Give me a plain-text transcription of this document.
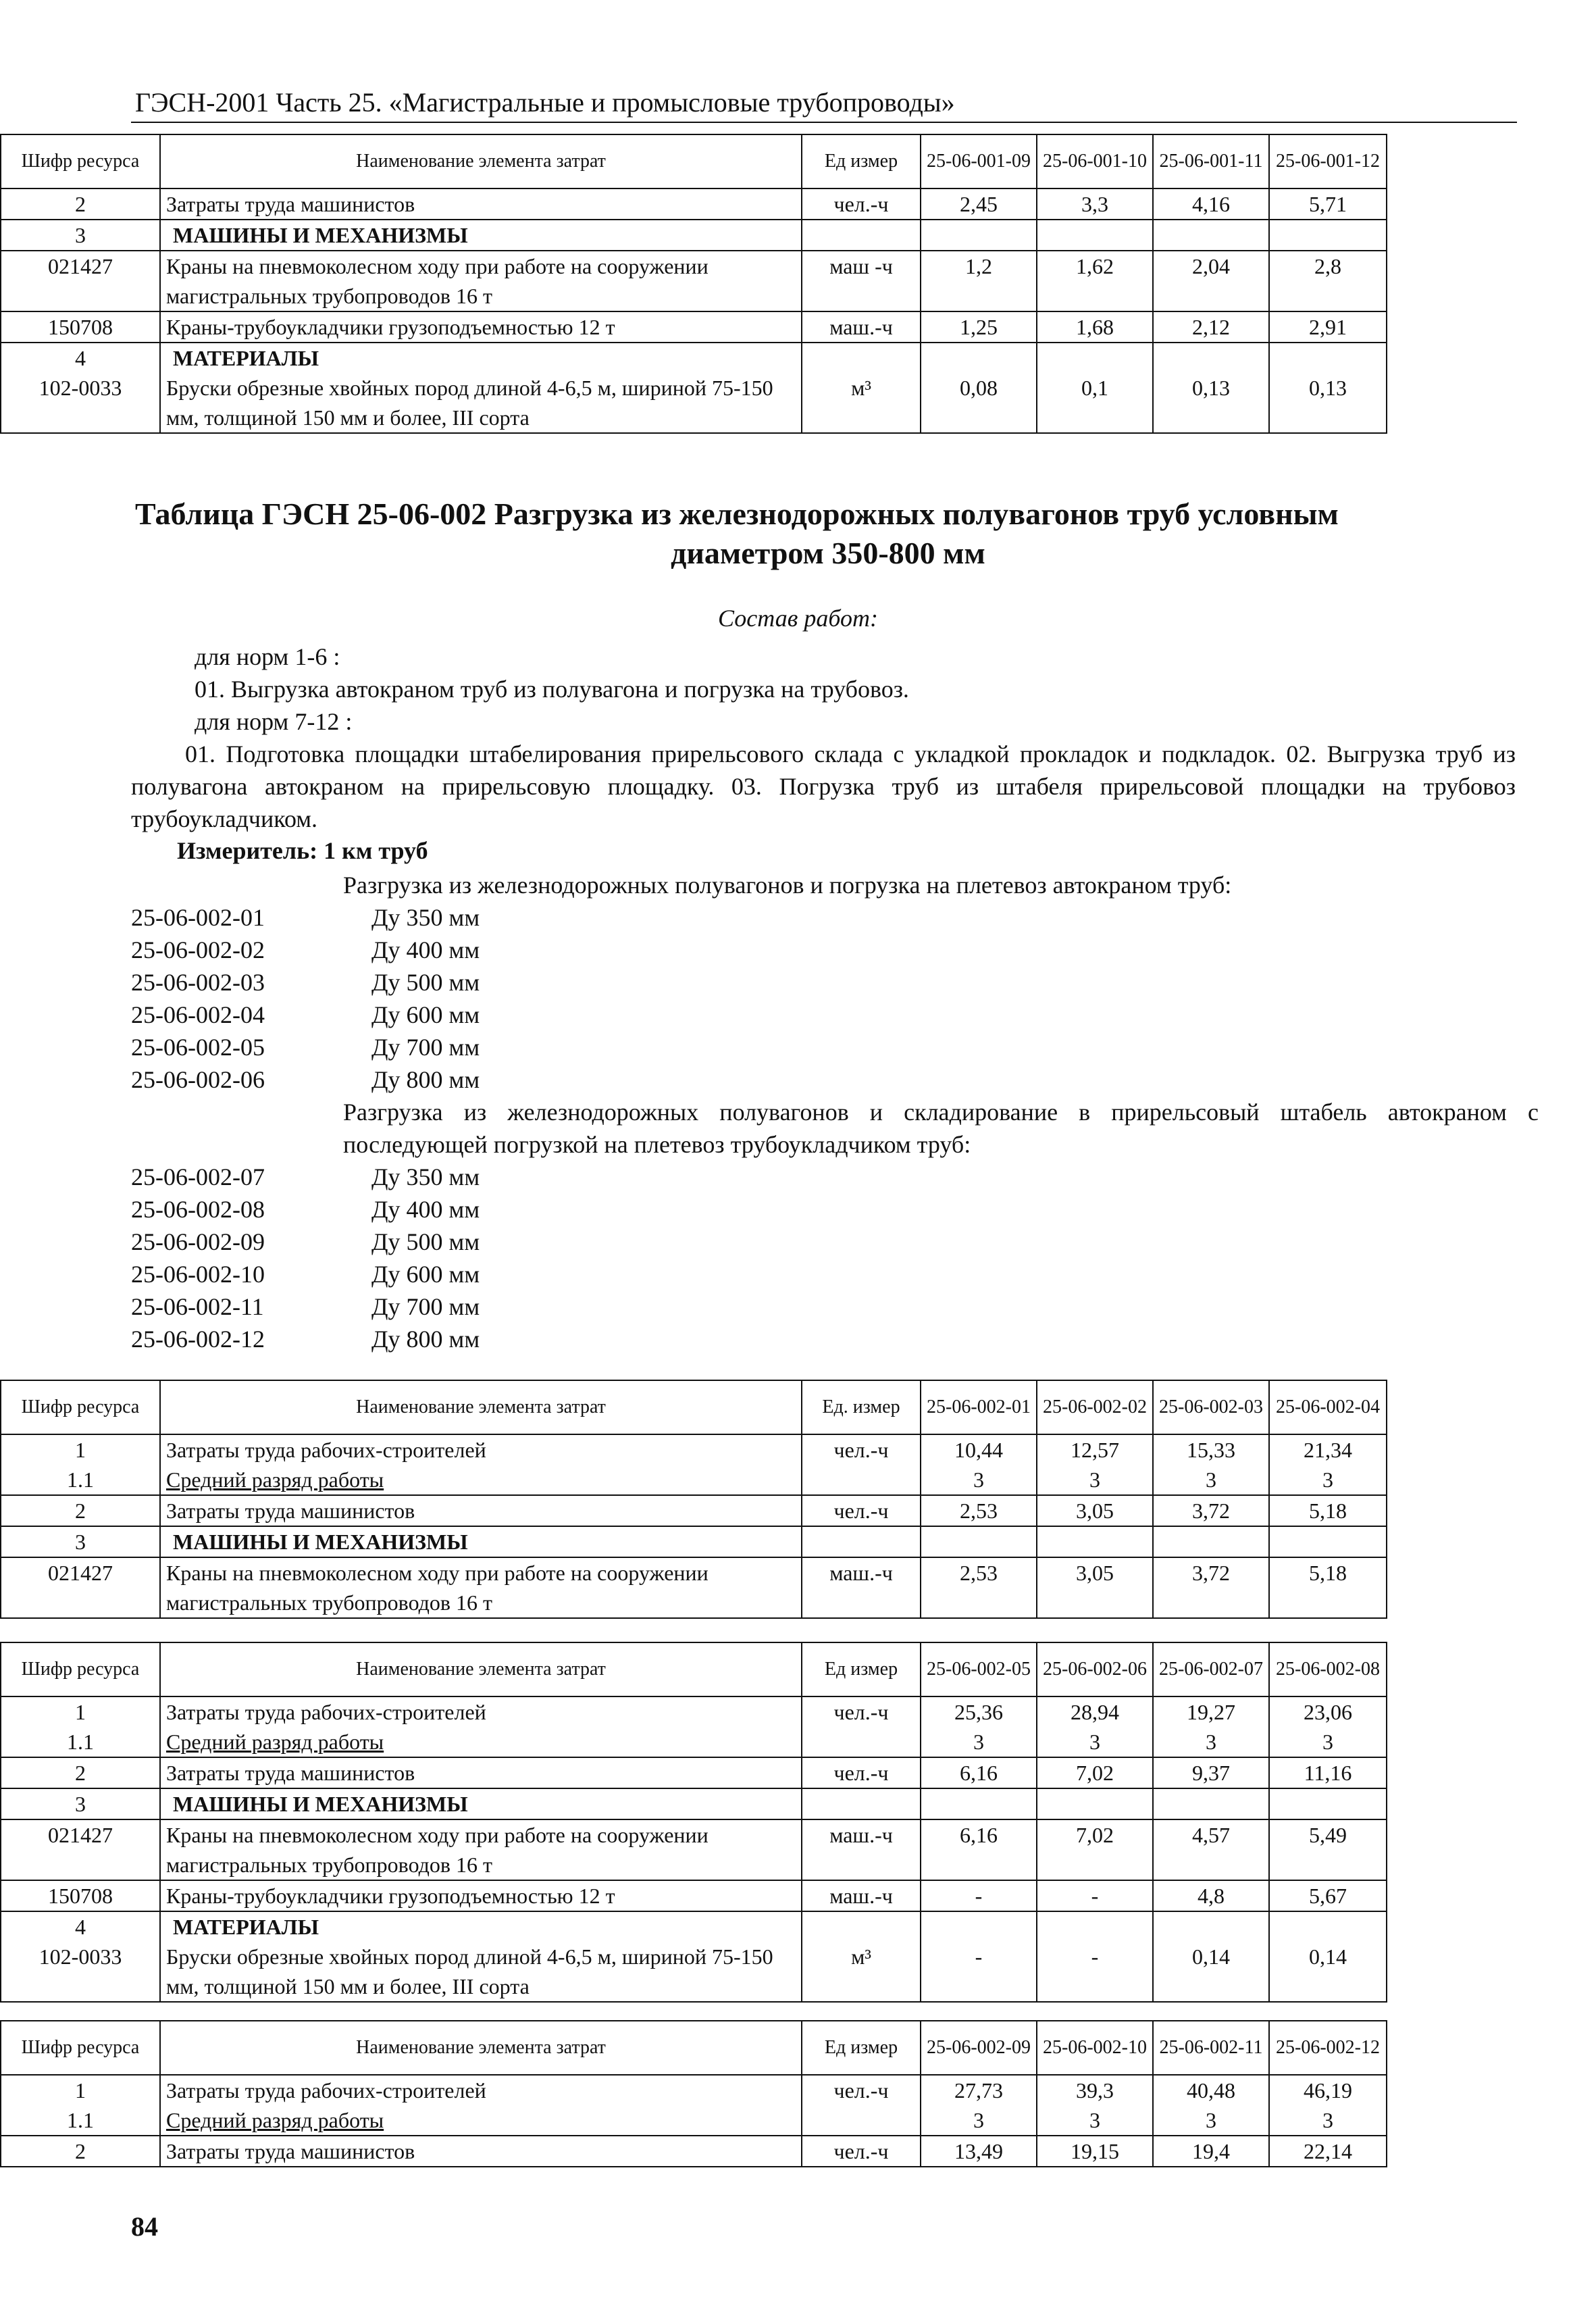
ГЭСН-2001 Часть 25. «Магистральные и промысловые трубопроводы»
Шифр ресурса	Наименование элемента затрат	Ед измер	25-06-001-09	25-06-001-10	25-06-001-11	25-06-001-12
2	Затраты труда машинистов	чел.-ч	2,45	3,3	4,16	5,71
3	МАШИНЫ И МЕХАНИЗМЫ					
021427	Краны на пневмоколесном ходу при работе на сооружении магистральных трубопроводов 16 т	маш -ч	1,2	1,62	2,04	2,8
150708	Краны-трубоукладчики грузоподъемностью 12 т	маш.-ч	1,25	1,68	2,12	2,91
4	МАТЕРИАЛЫ					
102-0033	Бруски обрезные хвойных пород длиной 4-6,5 м, шириной 75-150 мм, толщиной 150 мм и более, III сорта	м³	0,08	0,1	0,13	0,13
Таблица ГЭСН 25-06-002 Разгрузка из железнодорожных полувагонов труб условным
диаметром 350-800 мм
Состав работ:
для норм 1-6 :
01. Выгрузка автокраном труб из полувагона и погрузка на трубовоз.
для норм 7-12 :
01. Подготовка площадки штабелирования прирельсового склада с укладкой прокладок и подкладок. 02. Выгрузка труб из полувагона автокраном на прирельсовую площадку. 03. Погрузка труб из штабеля прирельсовой площадки на трубовоз трубоукладчиком.
Измеритель: 1 км труб
Разгрузка из железнодорожных полувагонов и погрузка на плетевоз автокраном труб:
25-06-002-01	Ду 350 мм
25-06-002-02	Ду 400 мм
25-06-002-03	Ду 500 мм
25-06-002-04	Ду 600 мм
25-06-002-05	Ду 700 мм
25-06-002-06	Ду 800 мм
Разгрузка из железнодорожных полувагонов и складирование в прирельсовый штабель автокраном с последующей погрузкой на плетевоз трубоукладчиком труб:
25-06-002-07	Ду 350 мм
25-06-002-08	Ду 400 мм
25-06-002-09	Ду 500 мм
25-06-002-10	Ду 600 мм
25-06-002-11	Ду 700 мм
25-06-002-12	Ду 800 мм
Шифр ресурса	Наименование элемента затрат	Ед. измер	25-06-002-01	25-06-002-02	25-06-002-03	25-06-002-04
1	Затраты труда рабочих-строителей	чел.-ч	10,44	12,57	15,33	21,34
1.1	Средний разряд работы		3	3	3	3
2	Затраты труда машинистов	чел.-ч	2,53	3,05	3,72	5,18
3	МАШИНЫ И МЕХАНИЗМЫ					
021427	Краны на пневмоколесном ходу при работе на сооружении магистральных трубопроводов 16 т	маш.-ч	2,53	3,05	3,72	5,18
Шифр ресурса	Наименование элемента затрат	Ед измер	25-06-002-05	25-06-002-06	25-06-002-07	25-06-002-08
1	Затраты труда рабочих-строителей	чел.-ч	25,36	28,94	19,27	23,06
1.1	Средний разряд работы		3	3	3	3
2	Затраты труда машинистов	чел.-ч	6,16	7,02	9,37	11,16
3	МАШИНЫ И МЕХАНИЗМЫ					
021427	Краны на пневмоколесном ходу при работе на сооружении магистральных трубопроводов 16 т	маш.-ч	6,16	7,02	4,57	5,49
150708	Краны-трубоукладчики грузоподъемностью 12 т	маш.-ч	-	-	4,8	5,67
4	МАТЕРИАЛЫ					
102-0033	Бруски обрезные хвойных пород длиной 4-6,5 м, шириной 75-150 мм, толщиной 150 мм и более, III сорта	м³	-	-	0,14	0,14
Шифр ресурса	Наименование элемента затрат	Ед измер	25-06-002-09	25-06-002-10	25-06-002-11	25-06-002-12
1	Затраты труда рабочих-строителей	чел.-ч	27,73	39,3	40,48	46,19
1.1	Средний разряд работы		3	3	3	3
2	Затраты труда машинистов	чел.-ч	13,49	19,15	19,4	22,14
84
